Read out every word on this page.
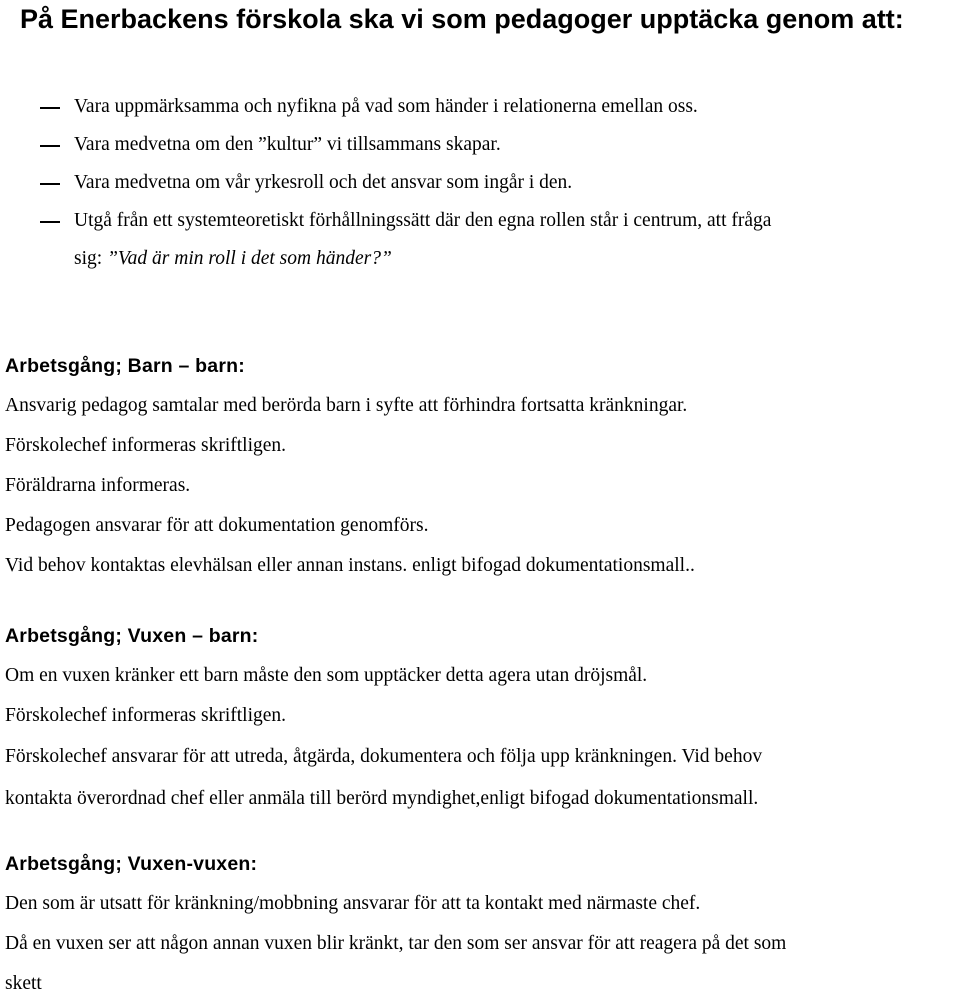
På Enerbackens förskola ska vi som pedagoger upptäcka genom att:
Vara uppmärksamma och nyfikna på vad som händer i relationerna emellan oss.
Vara medvetna om den ”kultur” vi tillsammans skapar.
Vara medvetna om vår yrkesroll och det ansvar som ingår i den.
Utgå från ett systemteoretiskt förhållningssätt där den egna rollen står i centrum, att fråga
sig: ”Vad är min roll i det som händer?”
Arbetsgång; Barn – barn:
Ansvarig pedagog samtalar med berörda barn i syfte att förhindra fortsatta kränkningar.
Förskolechef informeras skriftligen.
Föräldrarna informeras.
Pedagogen ansvarar för att dokumentation genomförs.
Vid behov kontaktas elevhälsan eller annan instans. enligt bifogad dokumentationsmall..
Arbetsgång; Vuxen – barn:
Om en vuxen kränker ett barn måste den som upptäcker detta agera utan dröjsmål.
Förskolechef informeras skriftligen.
Förskolechef ansvarar för att utreda, åtgärda, dokumentera och följa upp kränkningen. Vid behov
kontakta överordnad chef eller anmäla till berörd myndighet,enligt bifogad dokumentationsmall.
Arbetsgång; Vuxen-vuxen:
Den som är utsatt för kränkning/mobbning ansvarar för att ta kontakt med närmaste chef.
Då en vuxen ser att någon annan vuxen blir kränkt, tar den som ser ansvar för att reagera på det som
skett
